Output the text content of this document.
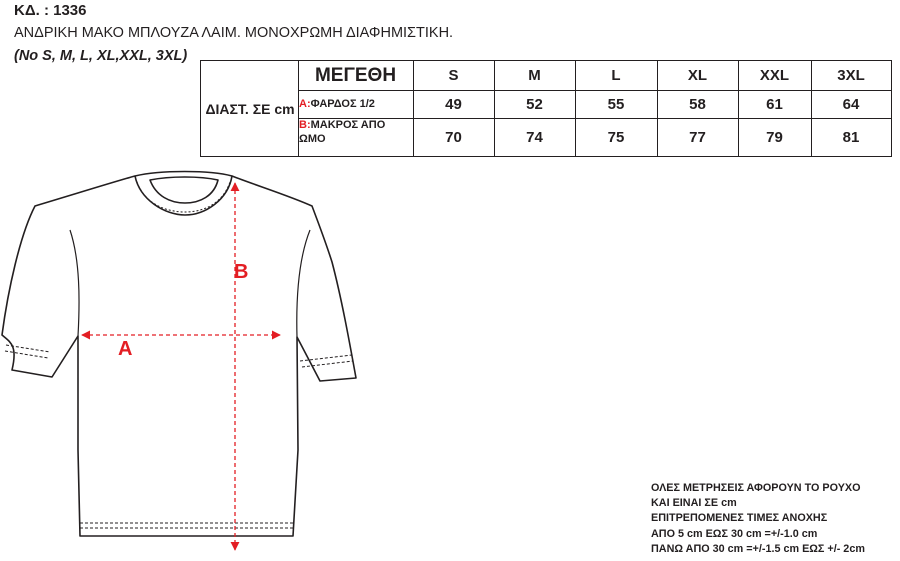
ΚΔ. : 1336
ΑΝΔΡΙΚΗ ΜΑΚΟ ΜΠΛΟΥΖΑ ΛΑΙΜ. ΜΟΝΟΧΡΩΜΗ ΔΙΑΦΗΜΙΣΤΙΚΗ.
(No S, M, L, XL,XXL, 3XL)
ΔΙΑΣΤ. ΣΕ cm
ΜΕΓΕΘΗ	S	M	L	XL	XXL	3XL
A: ΦΑΡΔΟΣ 1/2	49	52	55	58	61	64
B:ΜΑΚΡΟΣ ΑΠΟ
ΩΜΟ	70	74	75	77	79	81
A
B
ΟΛΕΣ ΜΕΤΡΗΣΕΙΣ ΑΦΟΡΟΥΝ ΤΟ ΡΟΥΧΟ
ΚΑΙ ΕΙΝΑΙ ΣΕ cm
ΕΠΙΤΡΕΠΟΜΕΝΕΣ ΤΙΜΕΣ ΑΝΟΧΗΣ
ΑΠΟ 5 cm ΕΩΣ 30 cm =+/-1.0 cm
ΠΑΝΩ ΑΠΟ 30 cm =+/-1.5 cm ΕΩΣ +/- 2cm
